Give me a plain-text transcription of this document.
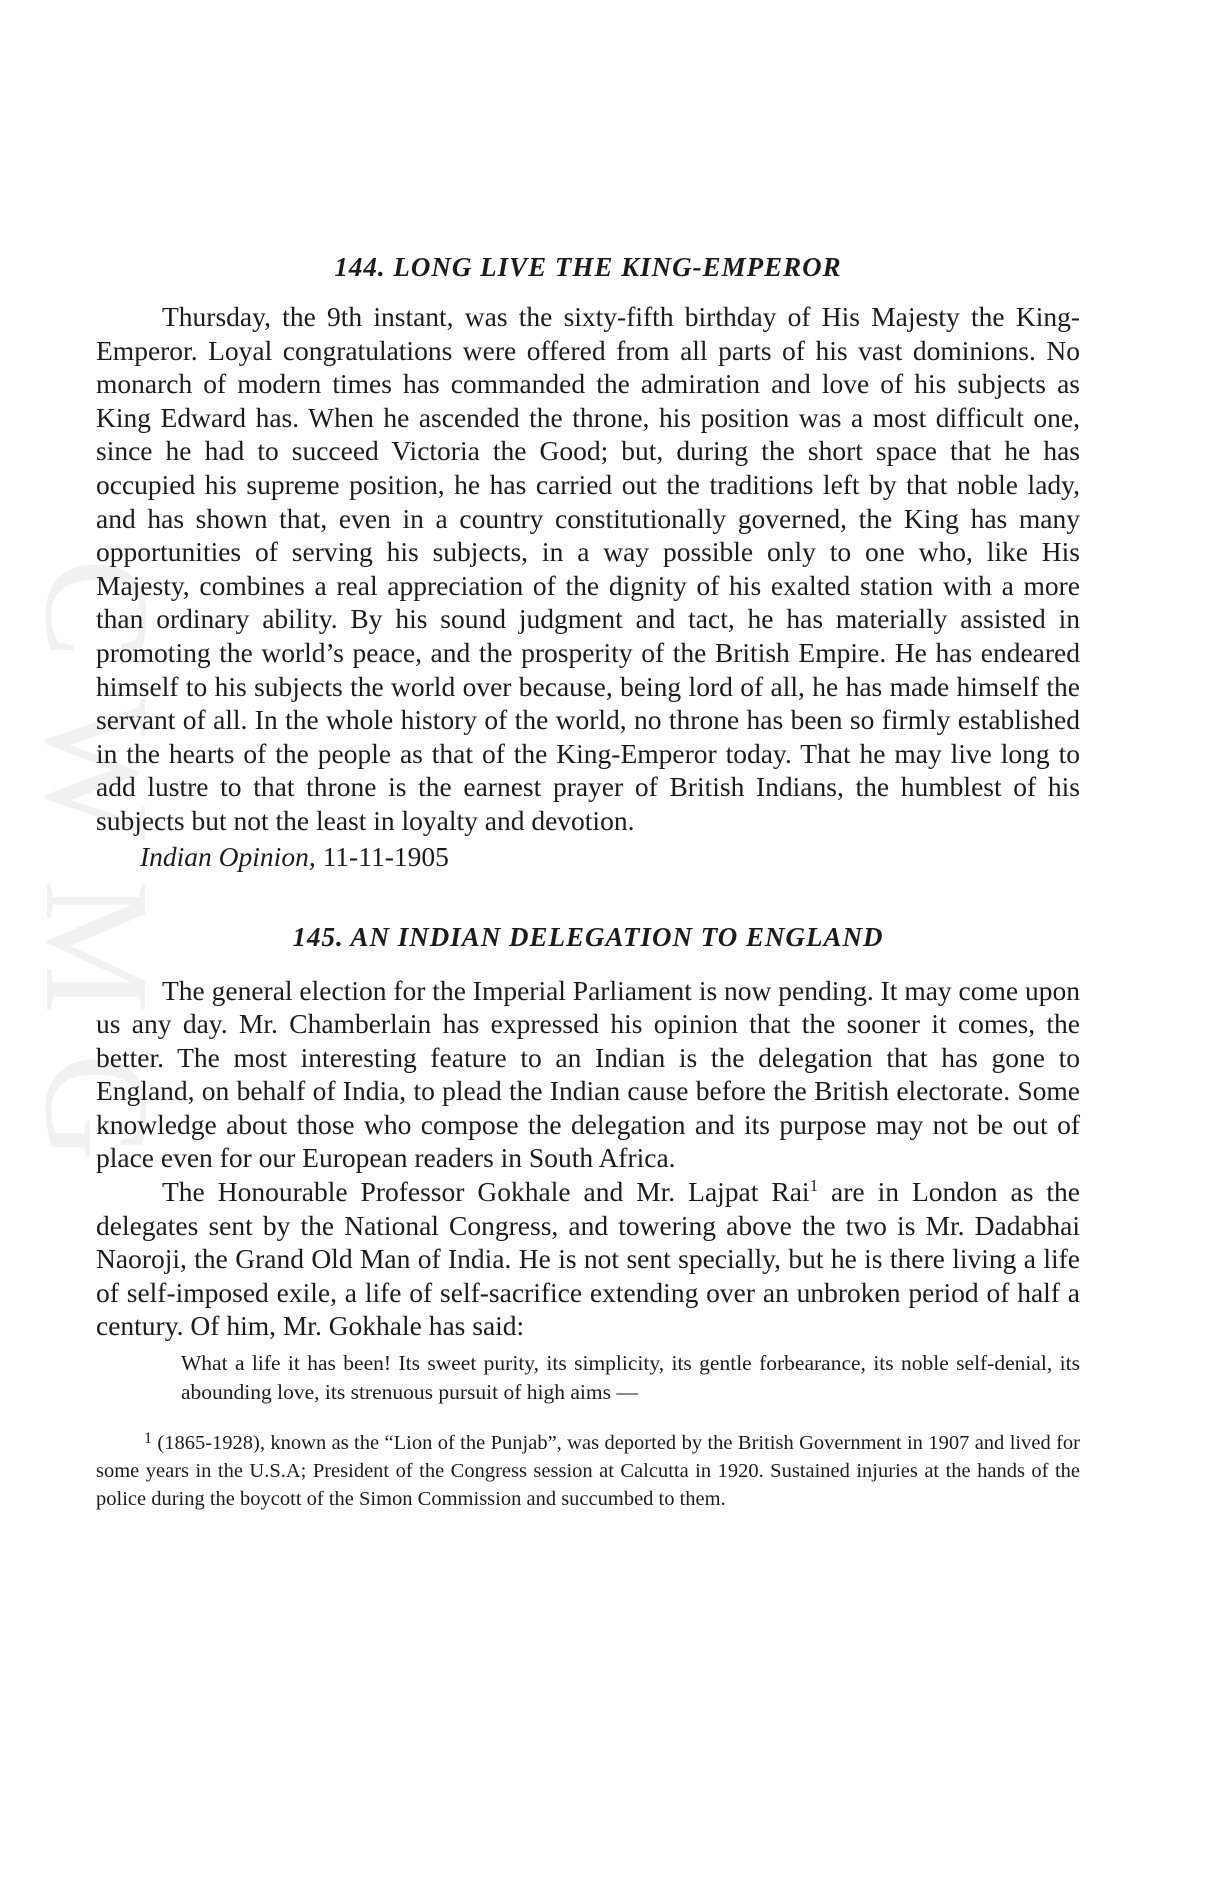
CWMG
144. LONG LIVE THE KING-EMPEROR

Thursday, the 9th instant, was the sixty-fifth birthday of His Majesty the King-Emperor. Loyal congratulations were offered from all parts of his vast dominions. No monarch of modern times has commanded the admiration and love of his subjects as King Edward has. When he ascended the throne, his position was a most difficult one, since he had to succeed Victoria the Good; but, during the short space that he has occupied his supreme position, he has carried out the traditions left by that noble lady, and has shown that, even in a country constitutionally governed, the King has many opportunities of serving his subjects, in a way possible only to one who, like His Majesty, combines a real appreciation of the dignity of his exalted station with a more than ordinary ability. By his sound judgment and tact, he has materially assisted in promoting the world’s peace, and the prosperity of the British Empire. He has endeared himself to his subjects the world over because, being lord of all, he has made himself the servant of all. In the whole history of the world, no throne has been so firmly established in the hearts of the people as that of the King-Emperor today. That he may live long to add lustre to that throne is the earnest prayer of British Indians, the humblest of his subjects but not the least in loyalty and devotion.

Indian Opinion, 11-11-1905
145. AN INDIAN DELEGATION TO ENGLAND

The general election for the Imperial Parliament is now pending. It may come upon us any day. Mr. Chamberlain has expressed his opinion that the sooner it comes, the better. The most interesting feature to an Indian is the delegation that has gone to England, on behalf of India, to plead the Indian cause before the British electorate. Some knowledge about those who compose the delegation and its purpose may not be out of place even for our European readers in South Africa.

The Honourable Professor Gokhale and Mr. Lajpat Rai$^1$ are in London as the delegates sent by the National Congress, and towering above the two is Mr. Dadabhai Naoroji, the Grand Old Man of India. He is not sent specially, but he is there living a life of self-imposed exile, a life of self-sacrifice extending over an unbroken period of half a century. Of him, Mr. Gokhale has said:

What a life it has been! Its sweet purity, its simplicity, its gentle forbearance, its noble self-denial, its abounding love, its strenuous pursuit of high aims —

$^1$ (1865-1928), known as the “Lion of the Punjab”, was deported by the British Government in 1907 and lived for some years in the U.S.A; President of the Congress session at Calcutta in 1920. Sustained injuries at the hands of the police during the boycott of the Simon Commission and succumbed to them.
